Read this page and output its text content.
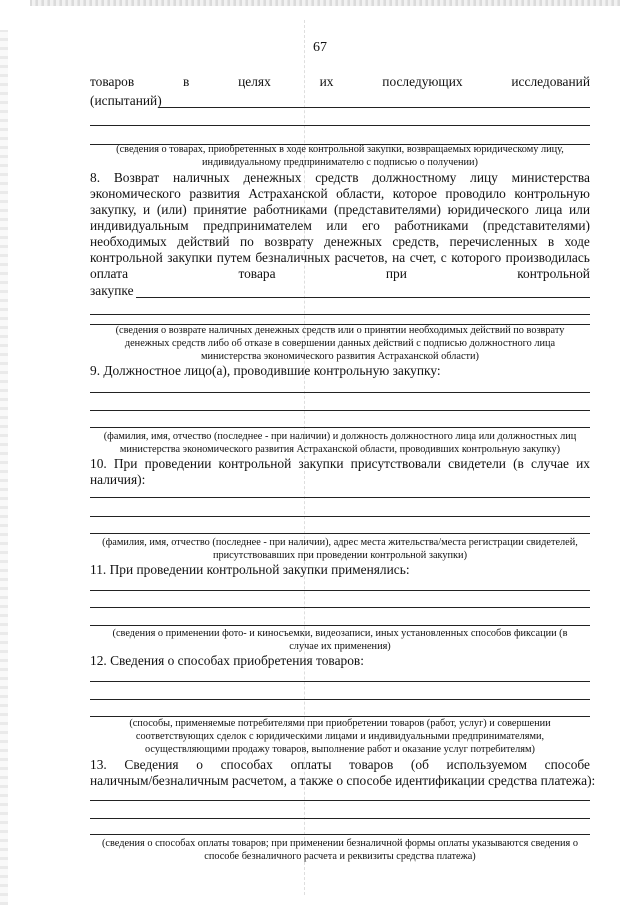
67
товаров	в	целях	их	последующих	исследований
(испытаний)
(сведения о товарах, приобретенных в ходе контрольной закупки, возвращаемых юридическому лицу,
индивидуальному предпринимателю с подписью о получении)
8. Возврат наличных денежных средств должностному лицу министерства
экономического развития Астраханской области, которое проводило контрольную
закупку, и (или) принятие работниками (представителями) юридического лица или
индивидуальным предпринимателем или его работниками (представителями)
необходимых действий по возврату денежных средств, перечисленных в ходе
контрольной закупки путем безналичных расчетов, на счет, с которого производилась
оплата	товара	при	контрольной
закупке
(сведения о возврате наличных денежных средств или о принятии необходимых действий по возврату
денежных средств либо об отказе в совершении данных действий с подписью должностного лица
министерства экономического развития Астраханской области)
9. Должностное лицо(а), проводившие контрольную закупку:
(фамилия, имя, отчество (последнее - при наличии) и должность должностного лица или должностных лиц
министерства экономического развития Астраханской области, проводивших контрольную закупку)
10. При проведении контрольной закупки присутствовали свидетели (в случае их
наличия):
(фамилия, имя, отчество (последнее - при наличии), адрес места жительства/места регистрации свидетелей,
присутствовавших при проведении контрольной закупки)
11. При проведении контрольной закупки применялись:
(сведения о применении фото- и киносъемки, видеозаписи, иных установленных способов фиксации (в
случае их применения)
12. Сведения о способах приобретения товаров:
(способы, применяемые потребителями при приобретении товаров (работ, услуг) и совершении
соответствующих сделок с юридическими лицами и индивидуальными предпринимателями,
осуществляющими продажу товаров, выполнение работ и оказание услуг потребителям)
13. Сведения о способах оплаты товаров (об используемом способе
наличным/безналичным расчетом, а также о способе идентификации средства платежа):
(сведения о способах оплаты товаров; при применении безналичной формы оплаты указываются сведения о
способе безналичного расчета и реквизиты средства платежа)
